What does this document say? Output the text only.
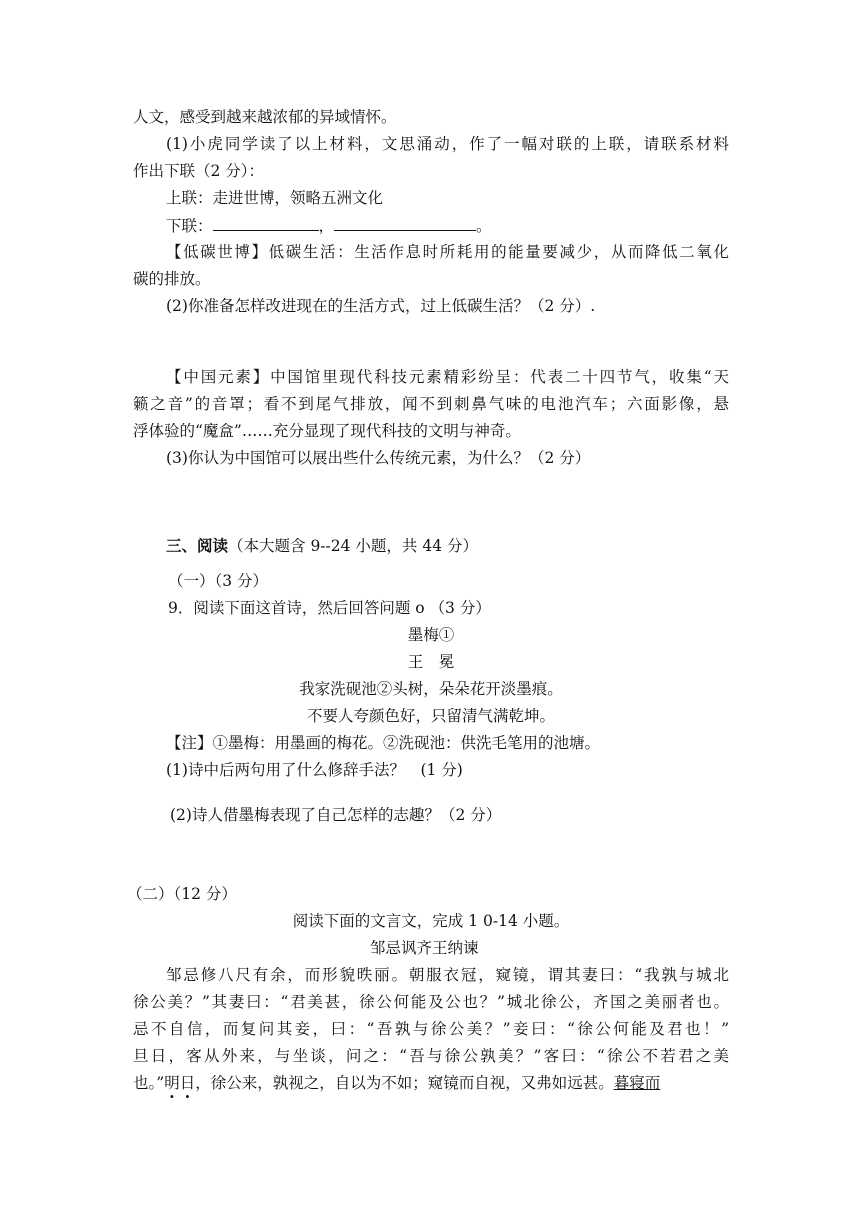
人文，感受到越来越浓郁的异域情怀。
(1)小虎同学读了以上材料，文思涌动，作了一幅对联的上联，请联系材料
作出下联（2 分）：
上联：走进世博，领略五洲文化
下联：	，	。
【低碳世博】低碳生活：生活作息时所耗用的能量要减少，从而降低二氧化
碳的排放。
(2)你准备怎样改进现在的生活方式，过上低碳生活？（2 分）.
【中国元素】中国馆里现代科技元素精彩纷呈：代表二十四节气，收集“天
籁之音”的音罩；看不到尾气排放，闻不到刺鼻气味的电池汽车；六面影像，悬
浮体验的“魔盒”……充分显现了现代科技的文明与神奇。
(3)你认为中国馆可以展出些什么传统元素，为什么？（2 分）
三、阅读（本大题含 9--24 小题，共 44 分）
（一）（3 分）
9．阅读下面这首诗，然后回答问题 o （3 分）
墨梅①
王　冕
我家洗砚池②头树，朵朵花开淡墨痕。
不要人夸颜色好，只留清气满乾坤。
【注】①墨梅：用墨画的梅花。②洗砚池：供洗毛笔用的池塘。
(1)诗中后两句用了什么修辞手法？　(1 分)
(2)诗人借墨梅表现了自己怎样的志趣？（2 分）
（二）（12 分）
阅读下面的文言文，完成 1 0-14 小题。
邹忌讽齐王纳谏
邹忌修八尺有余，而形貌昳丽。朝服衣冠，窥镜，谓其妻曰：“我孰与城北
徐公美？”其妻曰：“君美甚，徐公何能及公也？”城北徐公，齐国之美丽者也。
忌不自信，而复问其妾，曰：“吾孰与徐公美？”妾曰：“徐公何能及君也！”
旦日，客从外来，与坐谈，问之：“吾与徐公孰美？”客曰：“徐公不若君之美
也。”明日，徐公来，孰视之，自以为不如；窥镜而自视，又弗如远甚。暮寝而
